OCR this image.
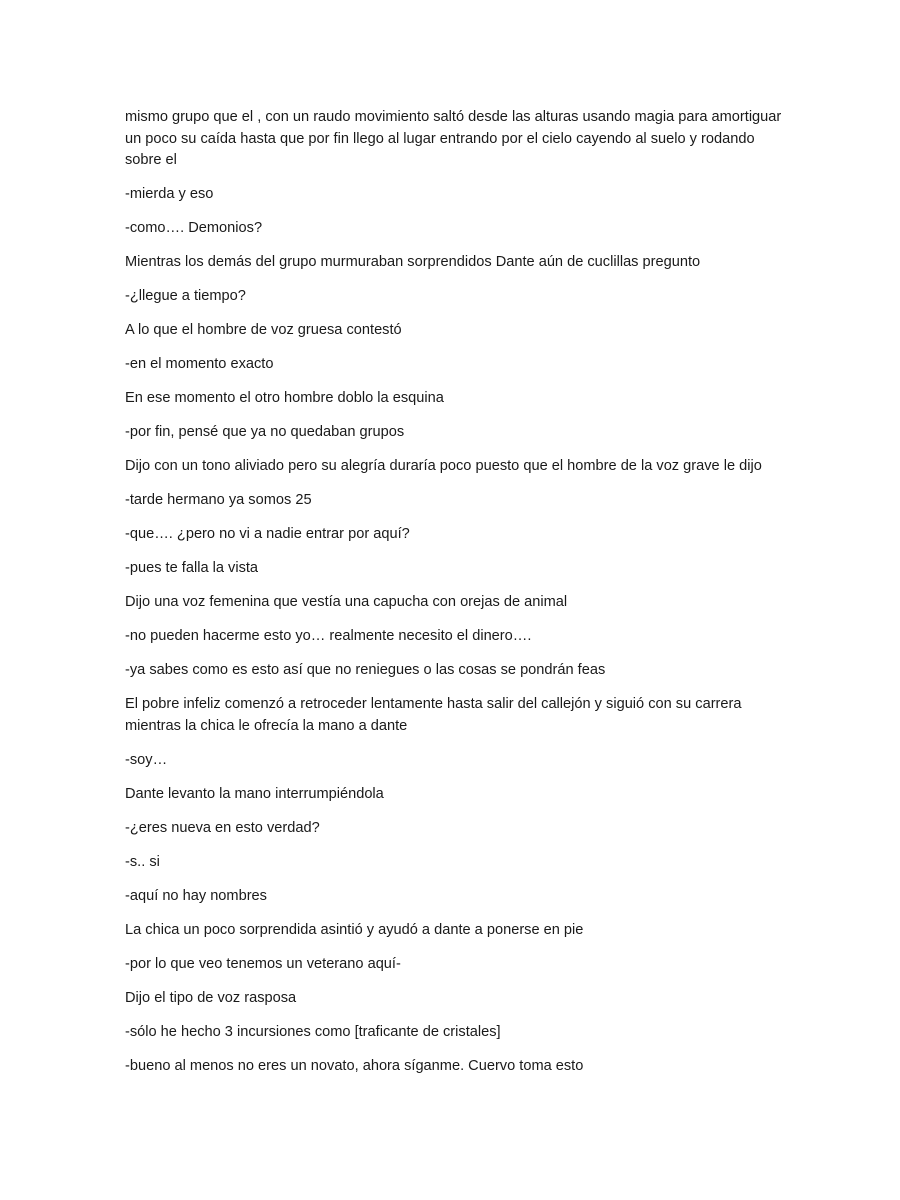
mismo grupo que el , con un raudo movimiento saltó desde las alturas usando magia para amortiguar un poco su caída hasta que por fin llego al lugar entrando por el cielo cayendo al suelo y rodando sobre el

-mierda y eso

-como…. Demonios?

Mientras los demás del grupo murmuraban sorprendidos Dante aún de cuclillas pregunto

-¿llegue a tiempo?

A lo que el hombre de voz gruesa contestó

-en el momento exacto

En ese momento el otro hombre doblo la esquina

-por fin, pensé que ya no quedaban grupos

Dijo con un tono aliviado pero su alegría duraría poco puesto que el hombre de la voz grave le dijo

-tarde hermano ya somos 25

-que…. ¿pero no vi a nadie entrar por aquí?

-pues te falla la vista

Dijo una voz femenina que vestía una capucha con orejas de animal

-no pueden hacerme esto yo… realmente necesito el dinero….

-ya sabes como es esto así que no reniegues o las cosas se pondrán feas

El pobre infeliz comenzó a retroceder lentamente hasta salir del callejón y siguió con su carrera mientras la chica le ofrecía la mano a dante

-soy…

Dante levanto la mano interrumpiéndola

-¿eres nueva en esto verdad?

-s.. si

-aquí no hay nombres

La chica un poco sorprendida asintió y ayudó a dante a ponerse en pie

-por lo que veo tenemos un veterano aquí-

Dijo el tipo de voz rasposa

-sólo he hecho 3 incursiones como [traficante de cristales]

-bueno al menos no eres un novato, ahora síganme. Cuervo toma esto
